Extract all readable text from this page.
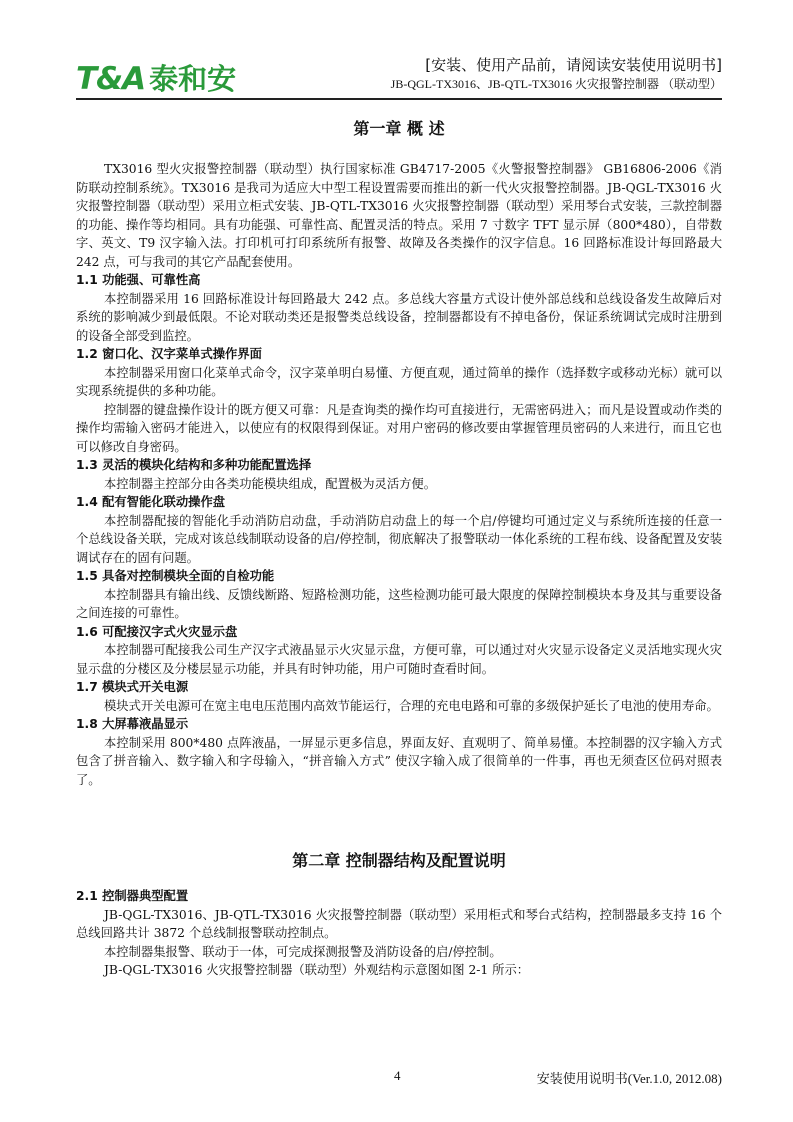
T&A 泰和安	[安装、使用产品前，请阅读安装使用说明书]
JB-QGL-TX3016、JB-QTL-TX3016 火灾报警控制器 （联动型）
第一章 概 述

TX3016 型火灾报警控制器（联动型）执行国家标准 GB4717-2005《火警报警控制器》 GB16806-2006《消防联动控制系统》。TX3016 是我司为适应大中型工程设置需要而推出的新一代火灾报警控制器。JB-QGL-TX3016 火灾报警控制器（联动型）采用立柜式安装、JB-QTL-TX3016 火灾报警控制器（联动型）采用琴台式安装，三款控制器的功能、操作等均相同。具有功能强、可靠性高、配置灵活的特点。采用 7 寸数字 TFT 显示屏（800*480），自带数字、英文、T9 汉字输入法。打印机可打印系统所有报警、故障及各类操作的汉字信息。16 回路标准设计每回路最大 242 点，可与我司的其它产品配套使用。

1.1 功能强、可靠性高

本控制器采用 16 回路标准设计每回路最大 242 点。多总线大容量方式设计使外部总线和总线设备发生故障后对系统的影响减少到最低限。不论对联动类还是报警类总线设备，控制器都设有不掉电备份，保证系统调试完成时注册到的设备全部受到监控。

1.2 窗口化、汉字菜单式操作界面

本控制器采用窗口化菜单式命令，汉字菜单明白易懂、方便直观，通过简单的操作（选择数字或移动光标）就可以实现系统提供的多种功能。

控制器的键盘操作设计的既方便又可靠：凡是查询类的操作均可直接进行，无需密码进入；而凡是设置或动作类的操作均需输入密码才能进入，以使应有的权限得到保证。对用户密码的修改要由掌握管理员密码的人来进行，而且它也可以修改自身密码。

1.3 灵活的模块化结构和多种功能配置选择

本控制器主控部分由各类功能模块组成，配置极为灵活方便。

1.4 配有智能化联动操作盘

本控制器配接的智能化手动消防启动盘，手动消防启动盘上的每一个启/停键均可通过定义与系统所连接的任意一个总线设备关联，完成对该总线制联动设备的启/停控制，彻底解决了报警联动一体化系统的工程布线、设备配置及安装调试存在的固有问题。

1.5 具备对控制模块全面的自检功能

本控制器具有输出线、反馈线断路、短路检测功能，这些检测功能可最大限度的保障控制模块本身及其与重要设备之间连接的可靠性。

1.6 可配接汉字式火灾显示盘

本控制器可配接我公司生产汉字式液晶显示火灾显示盘，方便可靠，可以通过对火灾显示设备定义灵活地实现火灾显示盘的分楼区及分楼层显示功能，并具有时钟功能，用户可随时查看时间。

1.7 模块式开关电源

模块式开关电源可在宽主电电压范围内高效节能运行，合理的充电电路和可靠的多级保护延长了电池的使用寿命。

1.8 大屏幕液晶显示

本控制采用 800*480 点阵液晶，一屏显示更多信息，界面友好、直观明了、简单易懂。本控制器的汉字输入方式包含了拼音输入、数字输入和字母输入，“拼音输入方式” 使汉字输入成了很简单的一件事，再也无须查区位码对照表了。

第二章 控制器结构及配置说明
2.1 控制器典型配置

JB-QGL-TX3016、JB-QTL-TX3016 火灾报警控制器（联动型）采用柜式和琴台式结构，控制器最多支持 16 个总线回路共计 3872 个总线制报警联动控制点。

本控制器集报警、联动于一体，可完成探测报警及消防设备的启/停控制。

JB-QGL-TX3016 火灾报警控制器（联动型）外观结构示意图如图 2-1 所示：

4	安装使用说明书(Ver.1.0, 2012.08)
